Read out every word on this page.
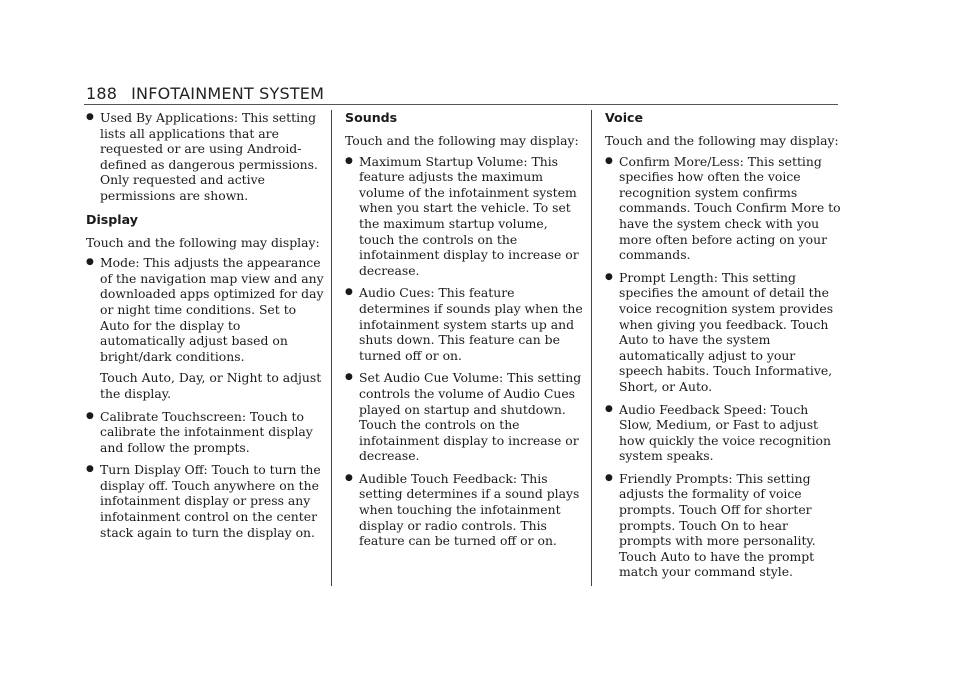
188 INFOTAINMENT SYSTEM
● Used By Applications: This setting lists all applications that are requested or are using Android-defined as dangerous permissions. Only requested and active permissions are shown.
Display

Touch and the following may display:

● Mode: This adjusts the appearance of the navigation map view and any downloaded apps optimized for day or night time conditions. Set to Auto for the display to automatically adjust based on bright/dark conditions.

Touch Auto, Day, or Night to adjust the display.

● Calibrate Touchscreen: Touch to calibrate the infotainment display and follow the prompts.
● Turn Display Off: Touch to turn the display off. Touch anywhere on the infotainment display or press any infotainment control on the center stack again to turn the display on.
Sounds

Touch and the following may display:

● Maximum Startup Volume: This feature adjusts the maximum volume of the infotainment system when you start the vehicle. To set the maximum startup volume, touch the controls on the infotainment display to increase or decrease.
● Audio Cues: This feature determines if sounds play when the infotainment system starts up and shuts down. This feature can be turned off or on.
● Set Audio Cue Volume: This setting controls the volume of Audio Cues played on startup and shutdown. Touch the controls on the infotainment display to increase or decrease.
● Audible Touch Feedback: This setting determines if a sound plays when touching the infotainment display or radio controls. This feature can be turned off or on.
Voice

Touch and the following may display:

● Confirm More/Less: This setting specifies how often the voice recognition system confirms commands. Touch Confirm More to have the system check with you more often before acting on your commands.
● Prompt Length: This setting specifies the amount of detail the voice recognition system provides when giving you feedback. Touch Auto to have the system automatically adjust to your speech habits. Touch Informative, Short, or Auto.
● Audio Feedback Speed: Touch Slow, Medium, or Fast to adjust how quickly the voice recognition system speaks.
● Friendly Prompts: This setting adjusts the formality of voice prompts. Touch Off for shorter prompts. Touch On to hear prompts with more personality. Touch Auto to have the prompt match your command style.
